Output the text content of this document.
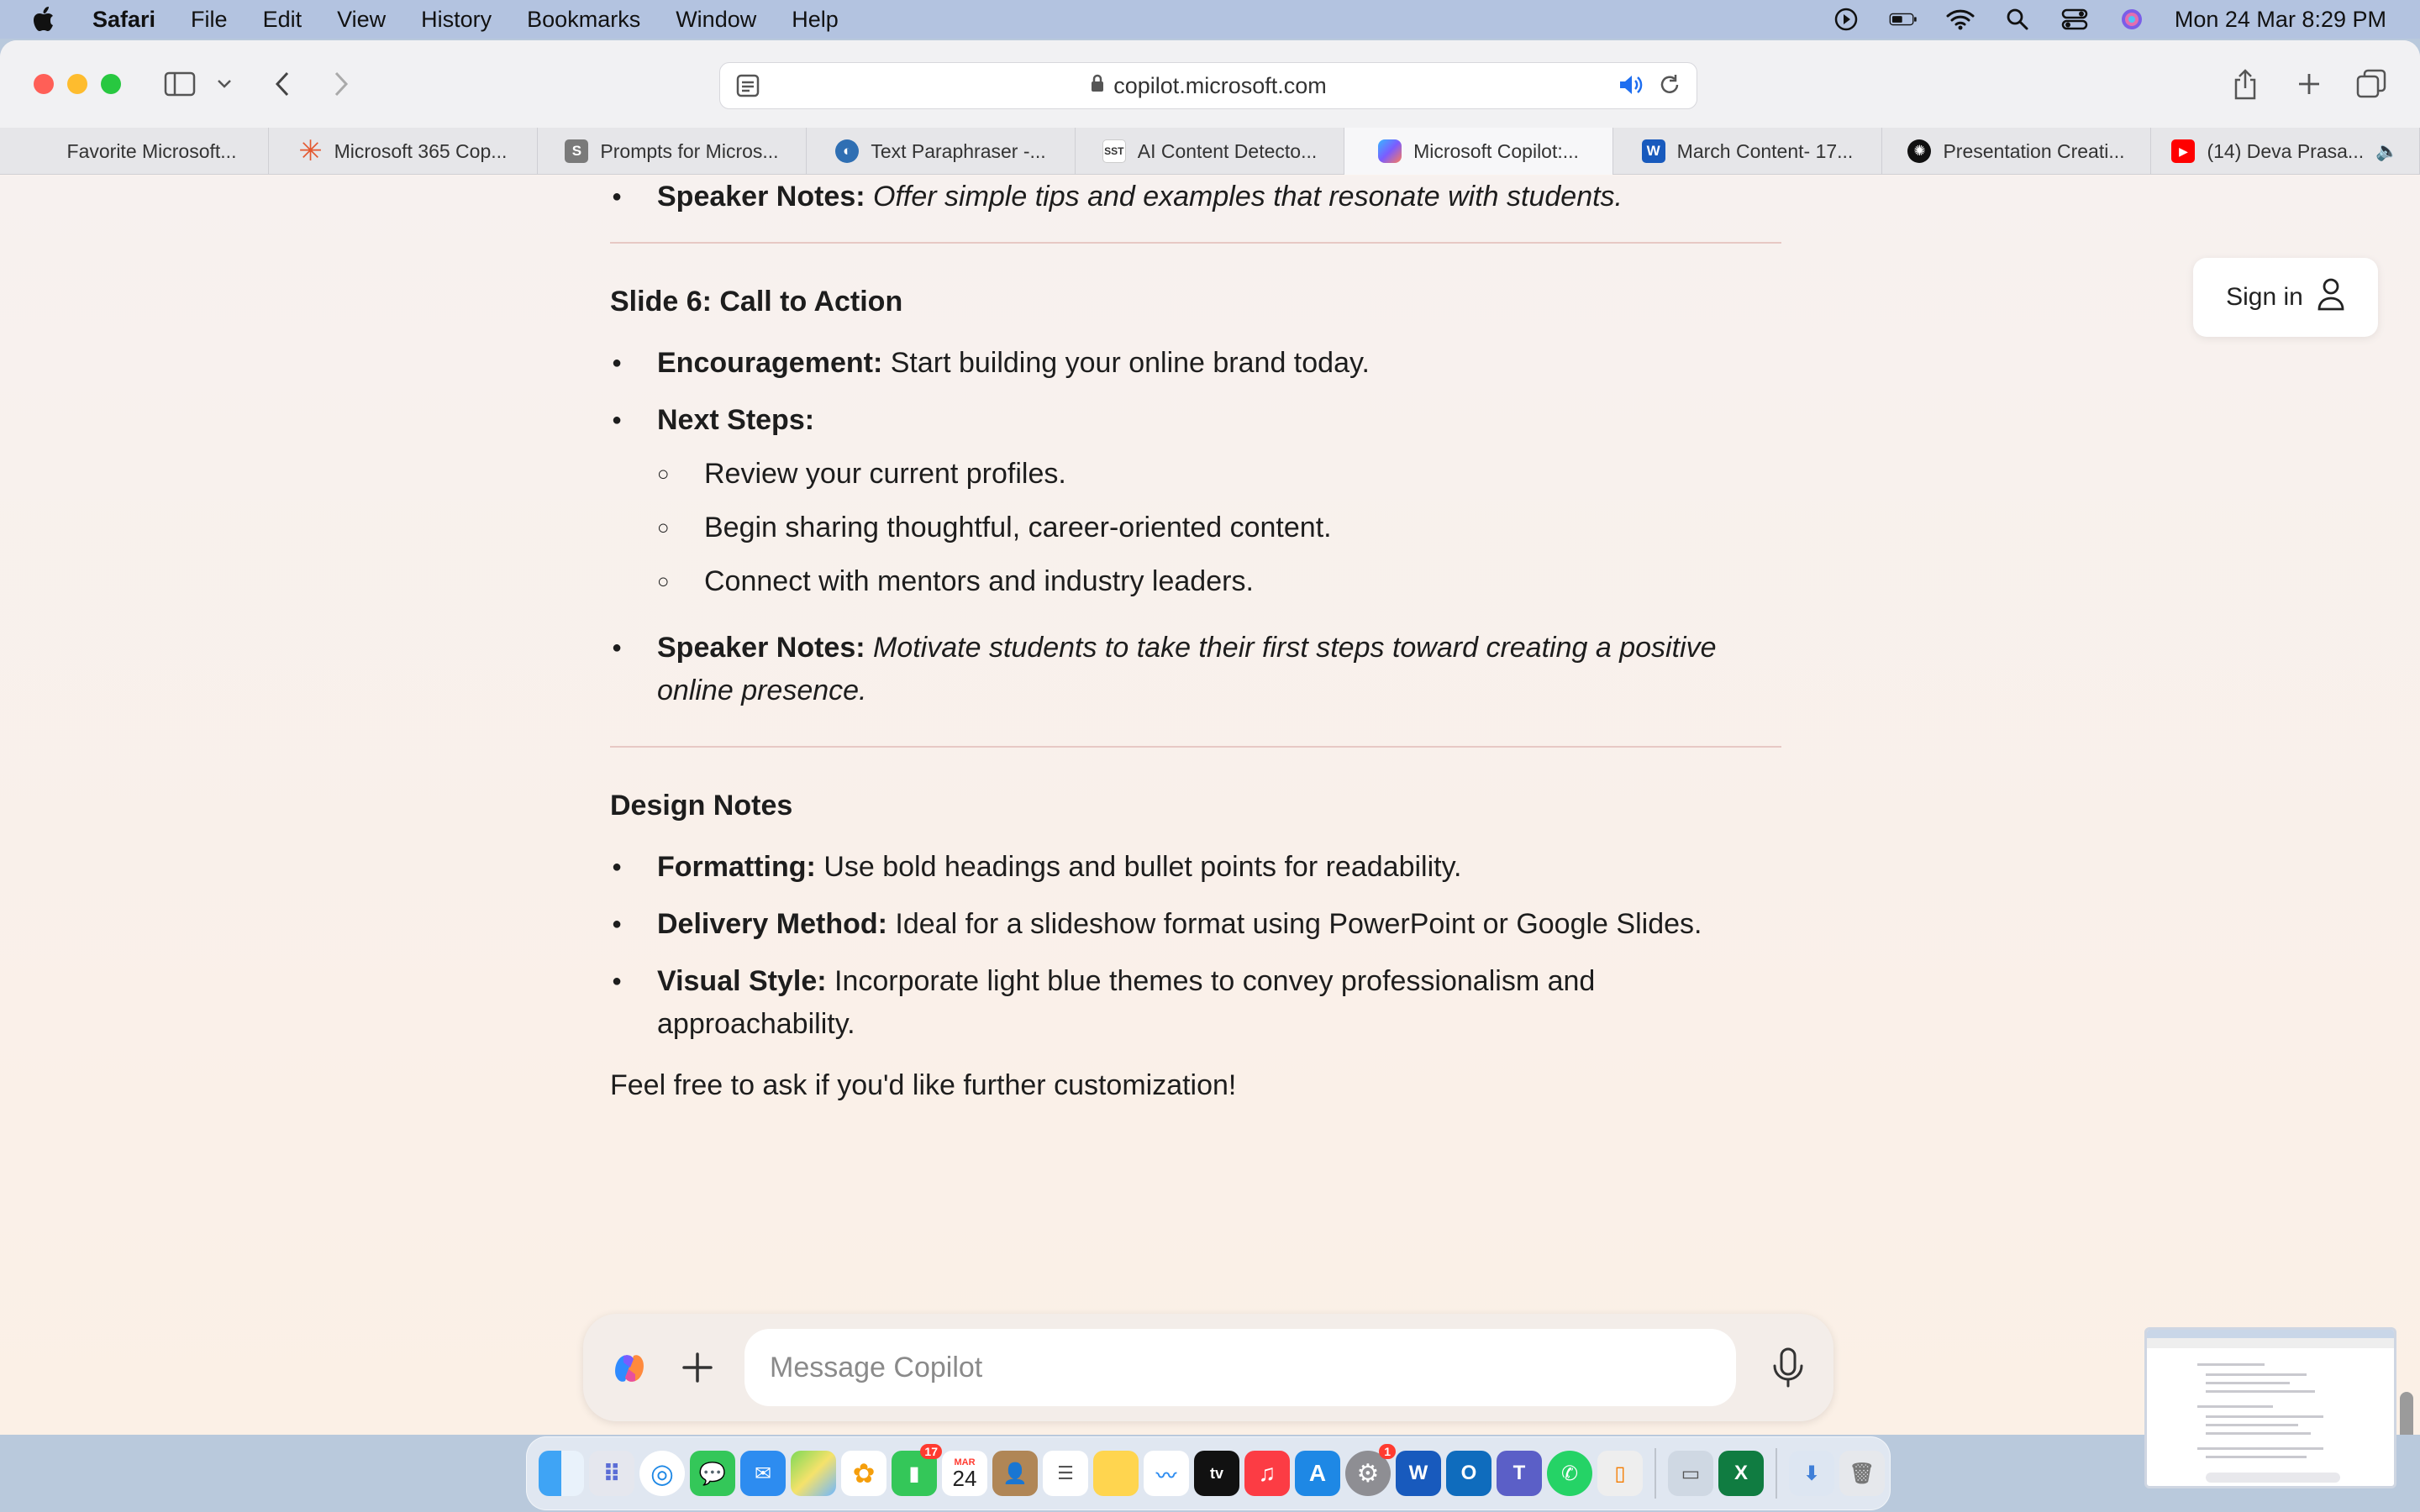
Safari File Edit View History Bookmarks Window Help	Mon 24 Mar 8:29 PM
copilot.microsoft.com
Favorite Microsoft... ✳ Microsoft 365 Cop...	S Prompts for Micros...	◐ Text Paraphraser -...	SST AI Content Detecto...	Microsoft Copilot:...	W March Content- 17...	✺ Presentation Creati...	▶ (14) Deva Prasa... 🔈
● Speaker Notes: Offer simple tips and examples that resonate with students.
Slide 6: Call to Action
● Encouragement: Start building your online brand today.
● Next Steps:
○ Review your current profiles.
○ Begin sharing thoughtful, career-oriented content.
○ Connect with mentors and industry leaders.
● Speaker Notes: Motivate students to take their first steps toward creating a positive online presence.
Design Notes
● Formatting: Use bold headings and bullet points for readability.
● Delivery Method: Ideal for a slideshow format using PowerPoint or Google Slides.
● Visual Style: Incorporate light blue themes to convey professionalism and approachability.

Feel free to ask if you'd like further customization!

Sign in
Message Copilot
⠿	◎	💬	✉	✿	▮
17
MAR
24	👤	☰	〰	tv	♫	A	⚙
1
W	O	T	✆	▯	▭	X	⬇	🗑
